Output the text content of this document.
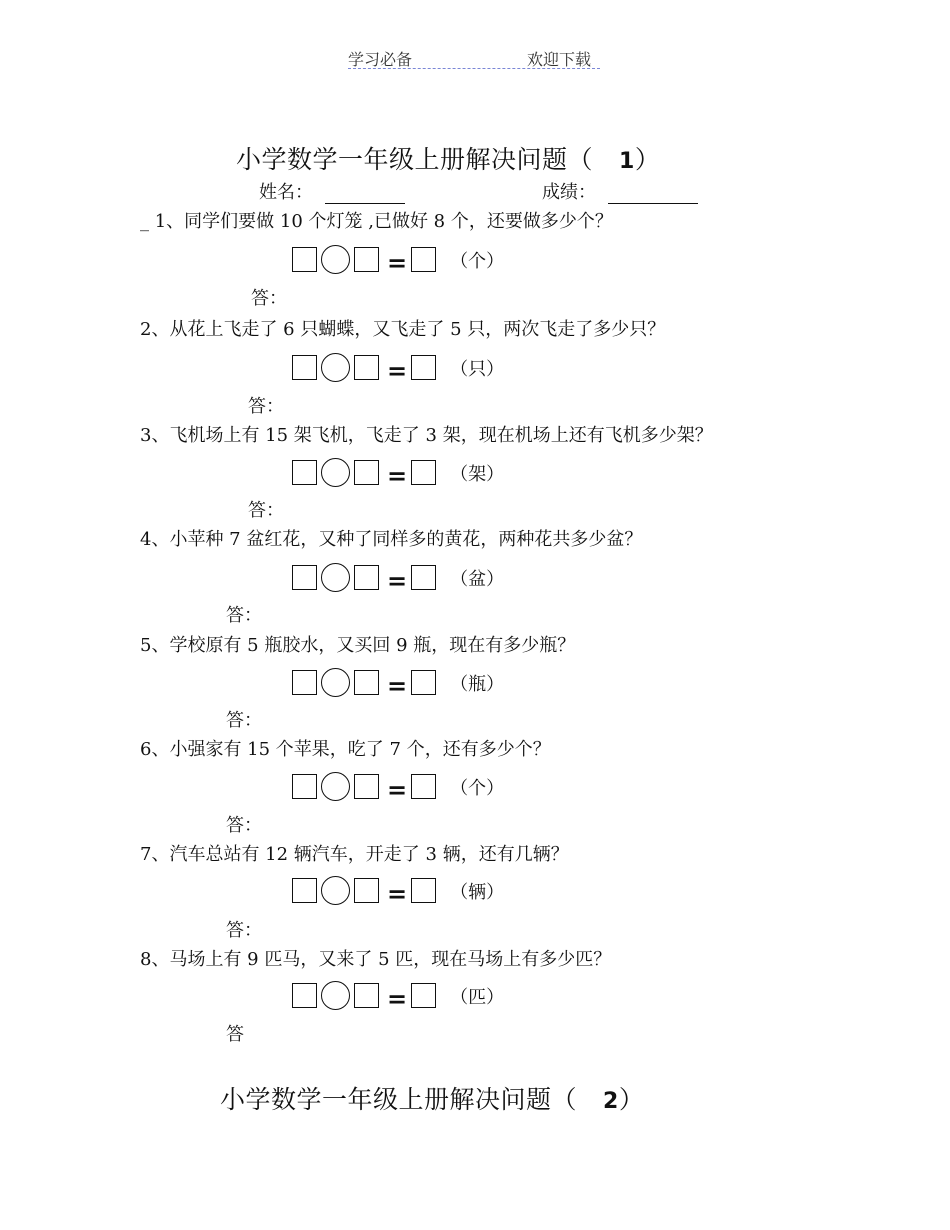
学习必备	欢迎下载
小学数学一年级上册解决问题（ 1）
姓名：	成绩：
_ 1、同学们要做 10 个灯笼 ,已做好 8 个，还要做多少个？
= （个）
答：
2、从花上飞走了 6 只蝴蝶，又飞走了 5 只，两次飞走了多少只？
= （只）
答：
3、飞机场上有 15 架飞机，飞走了 3 架，现在机场上还有飞机多少架？
= （架）
答：
4、小苹种 7 盆红花，又种了同样多的黄花，两种花共多少盆？
= （盆）
答：
5、学校原有 5 瓶胶水，又买回 9 瓶，现在有多少瓶？
= （瓶）
答：
6、小强家有 15 个苹果，吃了 7 个，还有多少个？
= （个）
答：
7、汽车总站有 12 辆汽车，开走了 3 辆，还有几辆？
= （辆）
答：
8、马场上有 9 匹马，又来了 5 匹，现在马场上有多少匹？
= （匹）
答
小学数学一年级上册解决问题（ 2）
